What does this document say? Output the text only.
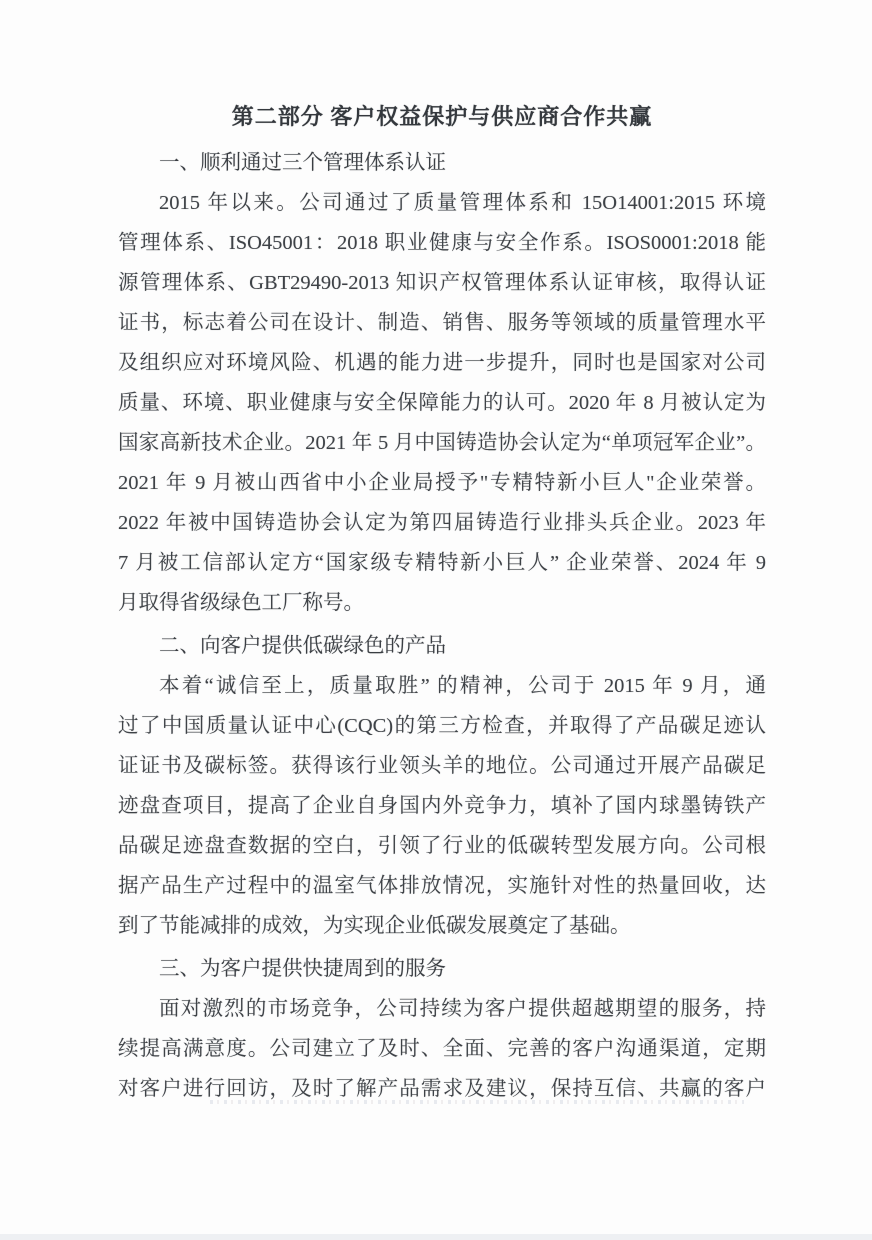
第二部分 客户权益保护与供应商合作共赢
一、顺利通过三个管理体系认证
2015 年以来。公司通过了质量管理体系和 15O14001:2015 环境
管理体系、ISO45001：2018 职业健康与安全作系。ISOS0001:2018 能
源管理体系、GBT29490-2013 知识产权管理体系认证审核，取得认证
证书，标志着公司在设计、制造、销售、服务等领域的质量管理水平
及组织应对环境风险、机遇的能力进一步提升，同时也是国家对公司
质量、环境、职业健康与安全保障能力的认可。2020 年 8 月被认定为
国家高新技术企业。2021 年 5 月中国铸造协会认定为“单项冠军企业”。
2021 年 9 月被山西省中小企业局授予"专精特新小巨人"企业荣誉。
2022 年被中国铸造协会认定为第四届铸造行业排头兵企业。2023 年
7 月被工信部认定方“国家级专精特新小巨人” 企业荣誉、2024 年 9
月取得省级绿色工厂称号。
二、向客户提供低碳绿色的产品
本着“诚信至上，质量取胜” 的精神，公司于 2015 年 9 月，通
过了中国质量认证中心(CQC)的第三方检查，并取得了产品碳足迹认
证证书及碳标签。获得该行业领头羊的地位。公司通过开展产品碳足
迹盘查项目，提高了企业自身国内外竞争力，填补了国内球墨铸铁产
品碳足迹盘查数据的空白，引领了行业的低碳转型发展方向。公司根
据产品生产过程中的温室气体排放情况，实施针对性的热量回收，达
到了节能减排的成效，为实现企业低碳发展奠定了基础。
三、为客户提供快捷周到的服务
面对激烈的市场竞争，公司持续为客户提供超越期望的服务，持
续提高满意度。公司建立了及时、全面、完善的客户沟通渠道，定期
对客户进行回访，及时了解产品需求及建议，保持互信、共赢的客户
